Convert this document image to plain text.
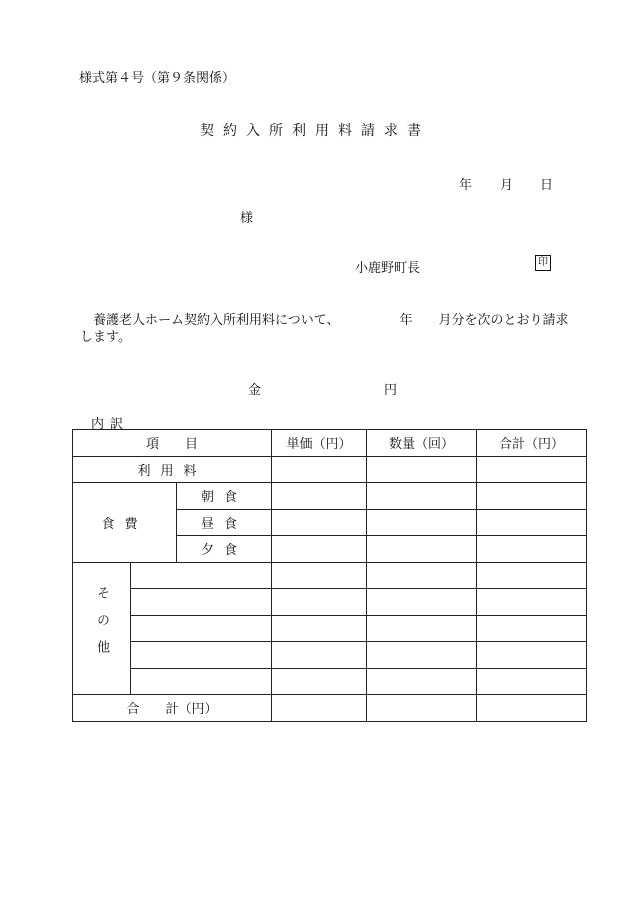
様式第４号（第９条関係）
契約入所利用料請求書
年 月 日
様
小鹿野町長	印
養護老人ホーム契約入所利用料について、	年 月分を次のとおり請求します。
金	円
内訳
項　　目			単価（円）	数量（回）	合計（円）
利用料					
食費		朝食			
		昼食			
		夕食			
その他					

合　　計（円）					
